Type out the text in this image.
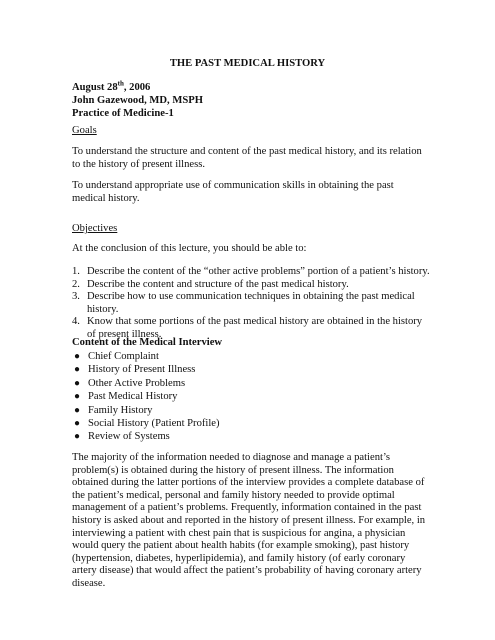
THE PAST MEDICAL HISTORY

August 28th, 2006

John Gazewood, MD, MSPH

Practice of Medicine-1

Goals

To understand the structure and content of the past medical history, and its relation to the history of present illness.

To understand appropriate use of communication skills in obtaining the past medical history.

Objectives

At the conclusion of this lecture, you should be able to:

1. Describe the content of the “other active problems” portion of a patient’s history.
2. Describe the content and structure of the past medical history.
3. Describe how to use communication techniques in obtaining the past medical history.
4. Know that some portions of the past medical history are obtained in the history of present illness.

Content of the Medical Interview

● Chief Complaint
● History of Present Illness
● Other Active Problems
● Past Medical History
● Family History
● Social History (Patient Profile)
● Review of Systems

The majority of the information needed to diagnose and manage a patient’s problem(s) is obtained during the history of present illness. The information obtained during the latter portions of the interview provides a complete database of the patient’s medical, personal and family history needed to provide optimal management of a patient’s problems. Frequently, information contained in the past history is asked about and reported in the history of present illness. For example, in interviewing a patient with chest pain that is suspicious for angina, a physician would query the patient about health habits (for example smoking), past history (hypertension, diabetes, hyperlipidemia), and family history (of early coronary artery disease) that would affect the patient’s probability of having coronary artery disease.
